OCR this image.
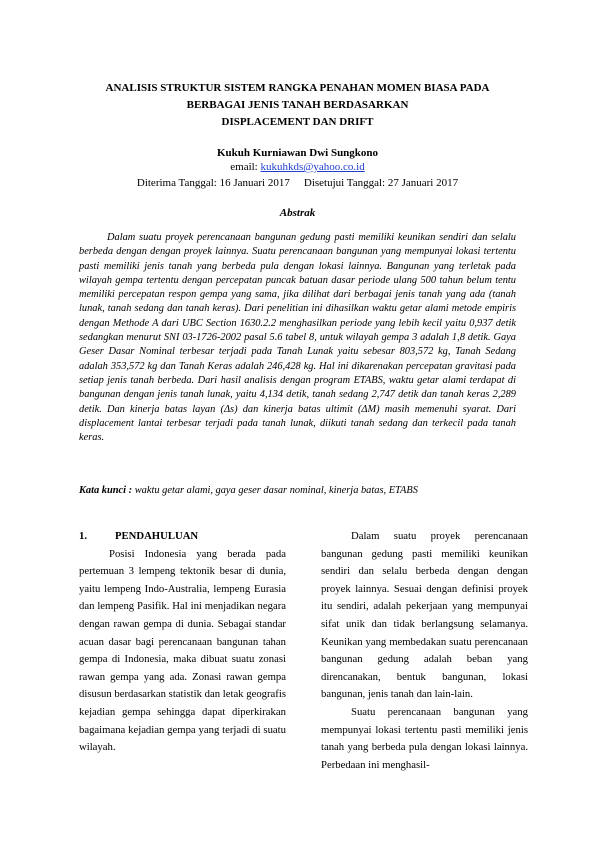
ANALISIS STRUKTUR SISTEM RANGKA PENAHAN MOMEN BIASA PADA
BERBAGAI JENIS TANAH BERDASARKAN
DISPLACEMENT DAN DRIFT
Kukuh Kurniawan Dwi Sungkono
email: kukuhkds@yahoo.co.id
Diterima Tanggal: 16 Januari 2017 Disetujui Tanggal: 27 Januari 2017
Abstrak

Dalam suatu proyek perencanaan bangunan gedung pasti memiliki keunikan sendiri dan selalu berbeda dengan dengan proyek lainnya. Suatu perencanaan bangunan yang mempunyai lokasi tertentu pasti memiliki jenis tanah yang berbeda pula dengan lokasi lainnya. Bangunan yang terletak pada wilayah gempa tertentu dengan percepatan puncak batuan dasar periode ulang 500 tahun belum tentu memiliki percepatan respon gempa yang sama, jika dilihat dari berbagai jenis tanah yang ada (tanah lunak, tanah sedang dan tanah keras). Dari penelitian ini dihasilkan waktu getar alami metode empiris dengan Methode A dari UBC Section 1630.2.2 menghasilkan periode yang lebih kecil yaitu 0,937 detik sedangkan menurut SNI 03-1726-2002 pasal 5.6 tabel 8, untuk wilayah gempa 3 adalah 1,8 detik. Gaya Geser Dasar Nominal terbesar terjadi pada Tanah Lunak yaitu sebesar 803,572 kg, Tanah Sedang adalah 353,572 kg dan Tanah Keras adalah 246,428 kg. Hal ini dikarenakan percepatan gravitasi pada setiap jenis tanah berbeda. Dari hasil analisis dengan program ETABS, waktu getar alami terdapat di bangunan dengan jenis tanah lunak, yaitu 4,134 detik, tanah sedang 2,747 detik dan tanah keras 2,289 detik. Dan kinerja batas layan (Δs) dan kinerja batas ultimit (ΔM) masih memenuhi syarat. Dari displacement lantai terbesar terjadi pada tanah lunak, diikuti tanah sedang dan terkecil pada tanah keras.

Kata kunci : waktu getar alami, gaya geser dasar nominal, kinerja batas, ETABS

1.	PENDAHULUAN

Posisi Indonesia yang berada pada pertemuan 3 lempeng tektonik besar di dunia, yaitu lempeng Indo-Australia, lempeng Eurasia dan lempeng Pasifik. Hal ini menjadikan negara dengan rawan gempa di dunia. Sebagai standar acuan dasar bagi perencanaan bangunan tahan gempa di Indonesia, maka dibuat suatu zonasi rawan gempa yang ada. Zonasi rawan gempa disusun berdasarkan statistik dan letak geografis kejadian gempa sehingga dapat diperkirakan bagaimana kejadian gempa yang terjadi di suatu wilayah.

Dalam suatu proyek perencanaan bangunan gedung pasti memiliki keunikan sendiri dan selalu berbeda dengan dengan proyek lainnya. Sesuai dengan definisi proyek itu sendiri, adalah pekerjaan yang mempunyai sifat unik dan tidak berlangsung selamanya. Keunikan yang membedakan suatu perencanaan bangunan gedung adalah beban yang direncanakan, bentuk bangunan, lokasi bangunan, jenis tanah dan lain-lain.

Suatu perencanaan bangunan yang mempunyai lokasi tertentu pasti memiliki jenis tanah yang berbeda pula dengan lokasi lainnya. Perbedaan ini menghasil-
